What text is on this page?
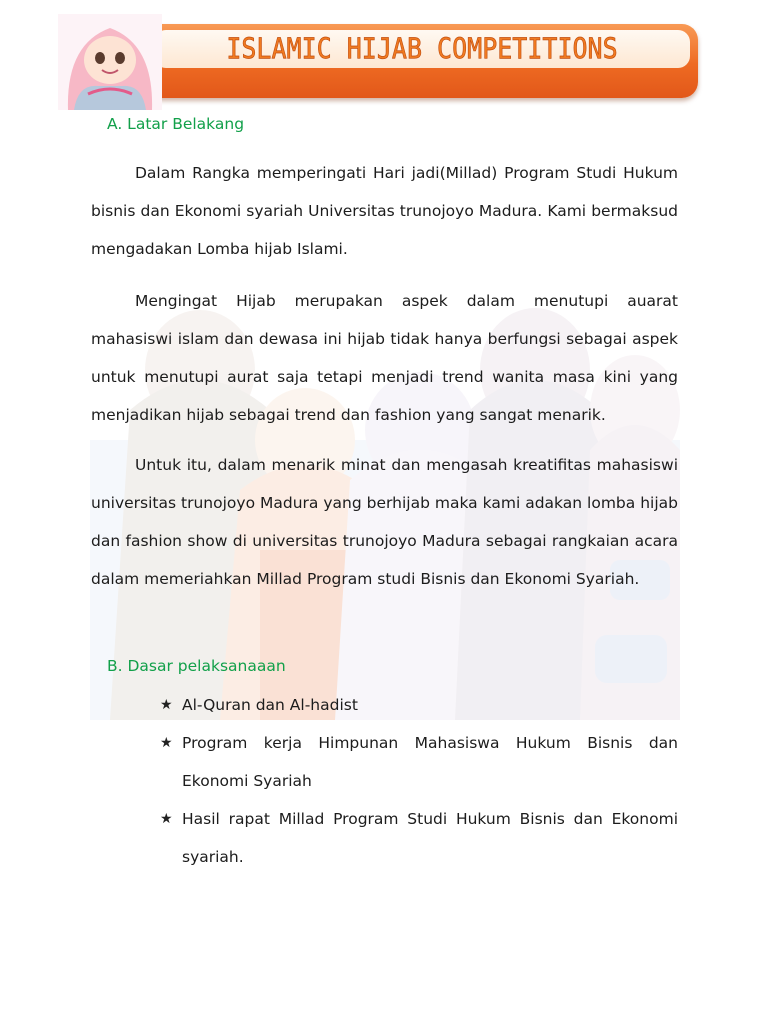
ISLAMIC HIJAB COMPETITIONS
A. Latar Belakang

Dalam Rangka memperingati Hari jadi(Millad) Program Studi Hukum bisnis dan Ekonomi syariah Universitas trunojoyo Madura. Kami bermaksud mengadakan Lomba hijab Islami.

Mengingat Hijab merupakan aspek dalam menutupi auarat mahasiswi islam dan dewasa ini hijab tidak hanya berfungsi sebagai aspek untuk menutupi aurat saja tetapi menjadi trend wanita masa kini yang menjadikan hijab sebagai trend dan fashion yang sangat menarik.

Untuk itu, dalam menarik minat dan mengasah kreatifitas mahasiswi universitas trunojoyo Madura yang berhijab maka kami adakan lomba hijab dan fashion show di universitas trunojoyo Madura sebagai rangkaian acara dalam memeriahkan Millad Program studi Bisnis dan Ekonomi Syariah.

B. Dasar pelaksanaaan
★ Al-Quran dan Al-hadist
★ Program kerja Himpunan Mahasiswa Hukum Bisnis dan Ekonomi Syariah
★ Hasil rapat Millad Program Studi Hukum Bisnis dan Ekonomi syariah.
